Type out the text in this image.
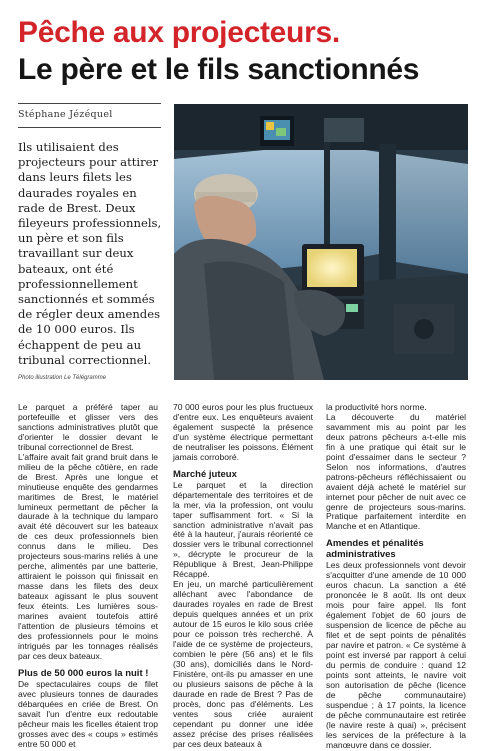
Pêche aux projecteurs.
Le père et le fils sanctionnés
Stéphane Jézéquel
Ils utilisaient des projecteurs pour attirer dans leurs filets les daurades royales en rade de Brest. Deux fileyeurs professionnels, un père et son fils travaillant sur deux bateaux, ont été professionnellement sanctionnés et sommés de régler deux amendes de 10 000 euros. Ils échappent de peu au tribunal correctionnel.
Photo illustration Le Télégramme

Le parquet a préféré taper au portefeuille et glisser vers des sanctions administratives plutôt que d'orienter le dossier devant le tribunal correctionnel de Brest.

L'affaire avait fait grand bruit dans le milieu de la pêche côtière, en rade de Brest. Après une longue et minutieuse enquête des gendarmes maritimes de Brest, le matériel lumineux permettant de pêcher la daurade à la technique du lamparo avait été découvert sur les bateaux de ces deux professionnels bien connus dans le milieu. Des projecteurs sous-marins reliés à une perche, alimentés par une batterie, attiraient le poisson qui finissait en masse dans les filets des deux bateaux agissant le plus souvent feux éteints. Les lumières sous-marines avaient toutefois attiré l'attention de plusieurs témoins et des professionnels pour le moins intrigués par les tonnages réalisés par ces deux bateaux.

Plus de 50 000 euros la nuit !

De spectaculaires coups de filet avec plusieurs tonnes de daurades débarquées en criée de Brest. On savait l'un d'entre eux redoutable pêcheur mais les ficelles étaient trop grosses avec des « coups » estimés entre 50 000 et

70 000 euros pour les plus fructueux d'entre eux. Les enquêteurs avaient également suspecté la présence d'un système électrique permettant de neutraliser les poissons. Élément jamais corroboré.

Marché juteux

Le parquet et la direction départementale des territoires et de la mer, via la profession, ont voulu taper suffisamment fort. « Si la sanction administrative n'avait pas été à la hauteur, j'aurais réorienté ce dossier vers le tribunal correctionnel », décrypte le procureur de la République à Brest, Jean-Philippe Récappé.

En jeu, un marché particulièrement alléchant avec l'abondance de daurades royales en rade de Brest depuis quelques années et un prix autour de 15 euros le kilo sous criée pour ce poisson très recherché. À l'aide de ce système de projecteurs, combien le père (56 ans) et le fils (30 ans), domiciliés dans le Nord-Finistère, ont-ils pu amasser en une ou plusieurs saisons de pêche à la daurade en rade de Brest ? Pas de procès, donc pas d'éléments. Les ventes sous criée auraient cependant pu donner une idée assez précise des prises réalisées par ces deux bateaux à

la productivité hors norme.

La découverte du matériel savamment mis au point par les deux patrons pêcheurs a-t-elle mis fin à une pratique qui était sur le point d'essaimer dans le secteur ? Selon nos informations, d'autres patrons-pêcheurs réfléchissaient ou avaient déjà acheté le matériel sur internet pour pêcher de nuit avec ce genre de projecteurs sous-marins. Pratique parfaitement interdite en Manche et en Atlantique.

Amendes et pénalités administratives

Les deux professionnels vont devoir s'acquitter d'une amende de 10 000 euros chacun. La sanction a été prononcée le 8 août. Ils ont deux mois pour faire appel. Ils font également l'objet de 60 jours de suspension de licence de pêche au filet et de sept points de pénalités par navire et patron. « Ce système à point est inversé par rapport à celui du permis de conduire : quand 12 points sont atteints, le navire voit son autorisation de pêche (licence de pêche communautaire) suspendue ; à 17 points, la licence de pêche communautaire est retirée (le navire reste à quai) », précisent les services de la préfecture à la manœuvre dans ce dossier.
